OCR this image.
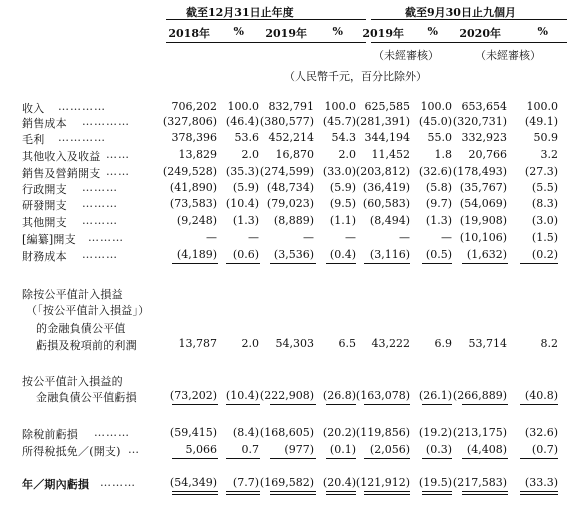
截至12月31日止年度	截至9月30日止九個月
2018年 % 2019年 % 2019年 % 2020年	%
（未經審核）	（未經審核）
（人民幣千元，百分比除外）
收入 …………	706,202 100.0 832,791 100.0 625,585 100.0 653,654 100.0
銷售成本 …………	(327,806) (46.4) (380,577) (45.7) (281,391) (45.0) (320,731) (49.1)
毛利 …………	378,396 53.6 452,214 54.3 344,194 55.0 332,923 50.9
其他收入及收益 ……	13,829 2.0 16,870 2.0 11,452 1.8 20,766	3.2
銷售及營銷開支 ……	(249,528) (35.3) (274,599) (33.0) (203,812) (32.6) (178,493) (27.3)
行政開支 ………	(41,890) (5.9) (48,734) (5.9) (36,419) (5.8) (35,767) (5.5)
研發開支 ………	(73,583) (10.4) (79,023) (9.5) (60,583) (9.7) (54,069) (8.3)
其他開支 ………	(9,248) (1.3) (8,889) (1.1) (8,494) (1.3) (19,908) (3.0)
[編纂]開支 ………	—	—	—	—	—	— (10,106) (1.5)
財務成本 ………	(4,189) (0.6) (3,536) (0.4) (3,116) (0.5) (1,632) (0.2)
除按公平值計入損益
（「按公平值計入損益」）
的金融負債公平值
虧損及稅項前的利潤	13,787 2.0 54,303 6.5 43,222 6.9 53,714	8.2
按公平值計入損益的
金融負債公平值虧損	(73,202) (10.4) (222,908) (26.8) (163,078) (26.1) (266,889) (40.8)
除稅前虧損 ………	(59,415) (8.4) (168,605) (20.2) (119,856) (19.2) (213,175) (32.6)
所得稅抵免／(開支) …	5,066 0.7 (977) (0.1) (2,056) (0.3) (4,408) (0.7)
年／期內虧損 ………	(54,349) (7.7) (169,582) (20.4) (121,912) (19.5) (217,583) (33.3)
